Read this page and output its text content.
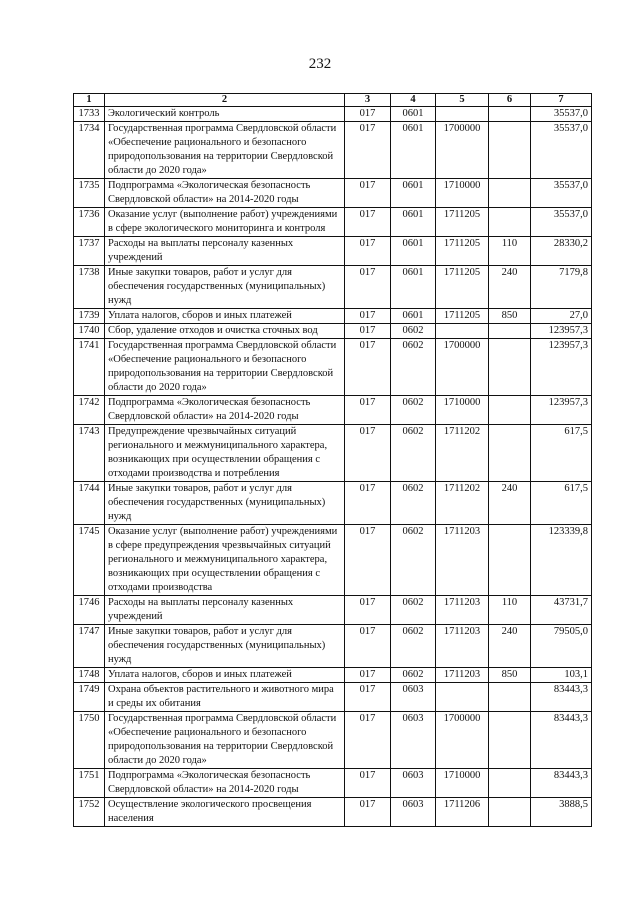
232
1	2	3	4	5	6	7
1733	Экологический контроль	017	0601			35537,0
1734	Государственная программа Свердловской области «Обеспечение рационального и безопасного природопользования на территории Свердловской области до 2020 года»	017	0601	1700000		35537,0
1735	Подпрограмма «Экологическая безопасность Свердловской области» на 2014-2020 годы	017	0601	1710000		35537,0
1736	Оказание услуг (выполнение работ) учреждениями в сфере экологического мониторинга и контроля	017	0601	1711205		35537,0
1737	Расходы на выплаты персоналу казенных учреждений	017	0601	1711205	110	28330,2
1738	Иные закупки товаров, работ и услуг для обеспечения государственных (муниципальных) нужд	017	0601	1711205	240	7179,8
1739	Уплата налогов, сборов и иных платежей	017	0601	1711205	850	27,0
1740	Сбор, удаление отходов и очистка сточных вод	017	0602			123957,3
1741	Государственная программа Свердловской области «Обеспечение рационального и безопасного природопользования на территории Свердловской области до 2020 года»	017	0602	1700000		123957,3
1742	Подпрограмма «Экологическая безопасность Свердловской области» на 2014-2020 годы	017	0602	1710000		123957,3
1743	Предупреждение чрезвычайных ситуаций регионального и межмуниципального характера, возникающих при осуществлении обращения с отходами производства и потребления	017	0602	1711202		617,5
1744	Иные закупки товаров, работ и услуг для обеспечения государственных (муниципальных) нужд	017	0602	1711202	240	617,5
1745	Оказание услуг (выполнение работ) учреждениями в сфере предупреждения чрезвычайных ситуаций регионального и межмуниципального характера, возникающих при осуществлении обращения с отходами производства	017	0602	1711203		123339,8
1746	Расходы на выплаты персоналу казенных учреждений	017	0602	1711203	110	43731,7
1747	Иные закупки товаров, работ и услуг для обеспечения государственных (муниципальных) нужд	017	0602	1711203	240	79505,0
1748	Уплата налогов, сборов и иных платежей	017	0602	1711203	850	103,1
1749	Охрана объектов растительного и животного мира и среды их обитания	017	0603			83443,3
1750	Государственная программа Свердловской области «Обеспечение рационального и безопасного природопользования на территории Свердловской области до 2020 года»	017	0603	1700000		83443,3
1751	Подпрограмма «Экологическая безопасность Свердловской области» на 2014-2020 годы	017	0603	1710000		83443,3
1752	Осуществление экологического просвещения населения	017	0603	1711206		3888,5
